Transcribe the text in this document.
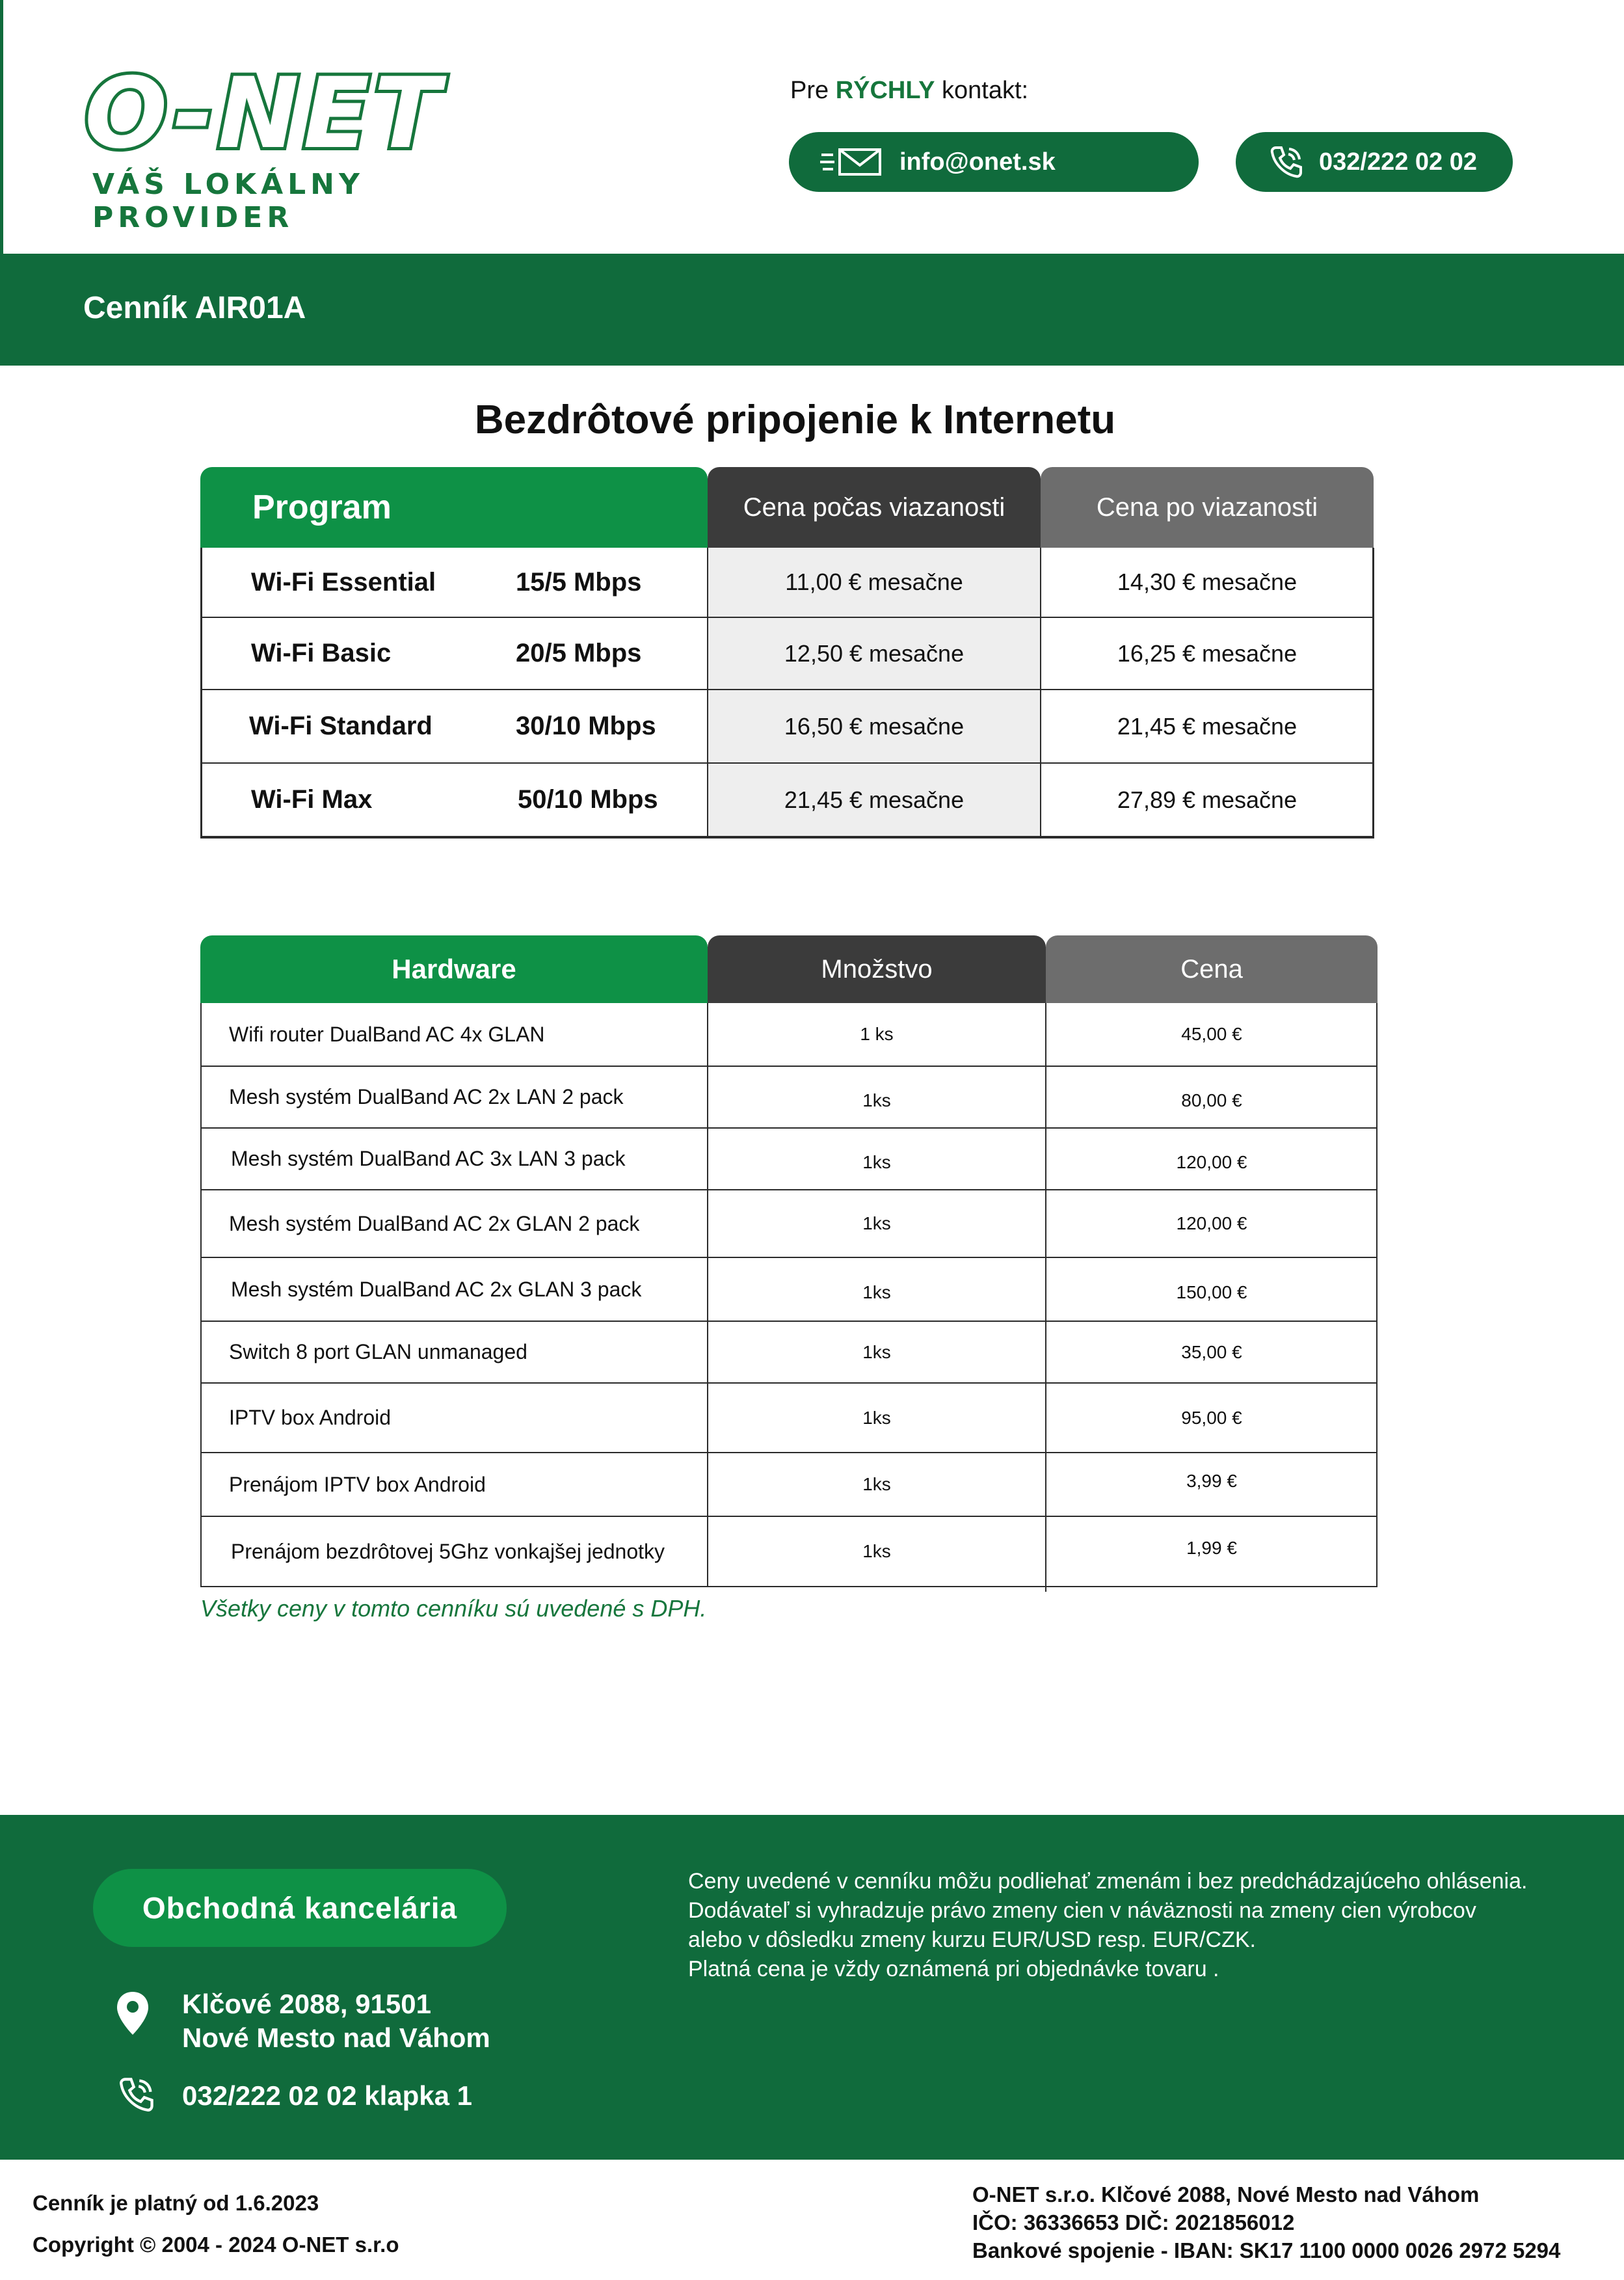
O-NET
VÁŠ LOKÁLNY PROVIDER
Pre RÝCHLY kontakt:
info@onet.sk	032/222 02 02
Cenník AIR01A
Bezdrôtové pripojenie k Internetu
Program	Cena počas viazanosti	Cena po viazanosti
Wi-Fi Essential	15/5 Mbps	11,00 € mesačne	14,30 € mesačne
Wi-Fi Basic	20/5 Mbps	12,50 € mesačne	16,25 € mesačne
Wi-Fi Standard	30/10 Mbps	16,50 € mesačne	21,45 € mesačne
Wi-Fi Max	50/10 Mbps	21,45 € mesačne	27,89 € mesačne
Hardware	Množstvo	Cena
Wifi router DualBand AC 4x GLAN	1 ks	45,00 €
Mesh systém DualBand AC 2x LAN 2 pack	1ks	80,00 €
Mesh systém DualBand AC 3x LAN 3 pack	1ks	120,00 €
Mesh systém DualBand AC 2x GLAN 2 pack	1ks	120,00 €
Mesh systém DualBand AC 2x GLAN 3 pack	1ks	150,00 €
Switch 8 port GLAN unmanaged	1ks	35,00 €
IPTV box Android	1ks	95,00 €
Prenájom IPTV box Android	1ks	3,99 €
Prenájom bezdrôtovej 5Ghz vonkajšej jednotky	1ks	1,99 €
Všetky ceny v tomto cenníku sú uvedené s DPH.
Obchodná kancelária
Klčové 2088, 91501
Nové Mesto nad Váhom
032/222 02 02 klapka 1
Ceny uvedené v cenníku môžu podliehať zmenám i bez predchádzajúceho ohlásenia.
Dodávateľ si vyhradzuje právo zmeny cien v náväznosti na zmeny cien výrobcov
alebo v dôsledku zmeny kurzu EUR/USD resp. EUR/CZK.
Platná cena je vždy oznámená pri objednávke tovaru .
Cenník je platný od 1.6.2023
Copyright © 2004 - 2024 O-NET s.r.o
O-NET s.r.o. Klčové 2088, Nové Mesto nad Váhom
IČO: 36336653 DIČ: 2021856012
Bankové spojenie - IBAN: SK17 1100 0000 0026 2972 5294
